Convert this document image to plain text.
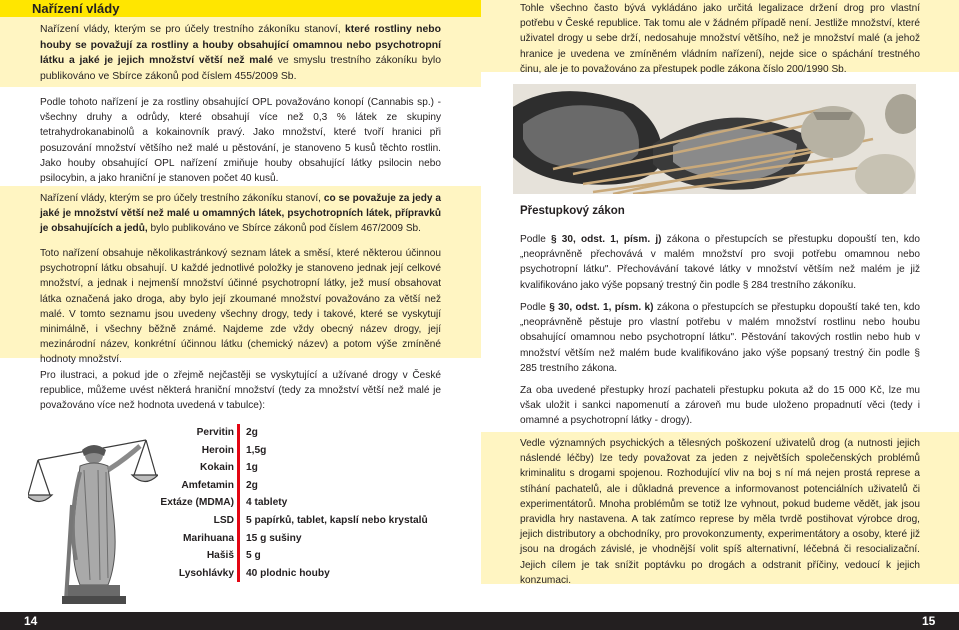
Nařízení vlády

Nařízení vlády, kterým se pro účely trestního zákoníku stanoví, které rostliny nebo houby se považují za rostliny a houby obsahující omamnou nebo psychotropní látku a jaké je jejich množství větší než malé ve smyslu trestního zákoníku bylo publikováno ve Sbírce zákonů pod číslem 455/2009 Sb.

Podle tohoto nařízení je za rostliny obsahující OPL považováno konopí (Cannabis sp.) - všechny druhy a odrůdy, které obsahují více než 0,3 % látek ze skupiny tetrahydrokanabinolů a kokainovník pravý. Jako množství, které tvoří hranici při posuzování množství většího než malé u pěstování, je stanoveno 5 kusů těchto rostlin. Jako houby obsahující OPL nařízení zmiňuje houby obsahující látky psilocin nebo psilocybin, a jako hraniční je stanoven počet 40 kusů.

Nařízení vlády, kterým se pro účely trestního zákoníku stanoví, co se považuje za jedy a jaké je množství větší než malé u omamných látek, psychotropních látek, přípravků je obsahujících a jedů, bylo publikováno ve Sbírce zákonů pod číslem 467/2009 Sb.

Toto nařízení obsahuje několikastránkový seznam látek a směsí, které některou účinnou psychotropní látku obsahují. U každé jednotlivé položky je stanoveno jednak její celkové množství, a jednak i nejmenší množství účinné psychotropní látky, jež musí obsahovat látka označená jako droga, aby bylo její zkoumané množství považováno za větší než malé. V tomto seznamu jsou uvedeny všechny drogy, tedy i takové, které se vyskytují minimálně, i všechny běžně známé. Najdeme zde vždy obecný název drogy, její mezinárodní název, konkrétní účinnou látku (chemický název) a potom výše zmíněné hodnoty množství.

Pro ilustraci, a pokud jde o zřejmě nejčastěji se vyskytující a užívané drogy v České republice, můžeme uvést některá hraniční množství (tedy za množství větší než malé je považováno více než hodnota uvedená v tabulce):

Pervitin
Heroin
Kokain
Amfetamin
Extáze (MDMA)
LSD
Marihuana
Hašiš
Lysohlávky
2g
1,5g
1g
2g
4 tablety
5 papírků, tablet, kapslí nebo krystalů
15 g sušiny
5 g
40 plodnic houby

Tohle všechno často bývá vykládáno jako určitá legalizace držení drog pro vlastní potřebu v České republice. Tak tomu ale v žádném případě není. Jestliže množství, které uživatel drogy u sebe drží, nedosahuje množství většího, než je množství malé (a jehož hranice je uvedena ve zmíněném vládním nařízení), nejde sice o spáchání trestného činu, ale je to považováno za přestupek podle zákona číslo 200/1990 Sb.

Přestupkový zákon

Podle § 30, odst. 1, písm. j) zákona o přestupcích se přestupku dopouští ten, kdo „neoprávněně přechovává v malém množství pro svoji potřebu omamnou nebo psychotropní látku". Přechovávání takové látky v množství větším než malém je již kvalifikováno jako výše popsaný trestný čin podle § 284 trestního zákoníku.

Podle § 30, odst. 1, písm. k) zákona o přestupcích se přestupku dopouští také ten, kdo „neoprávněně pěstuje pro vlastní potřebu v malém množství rostlinu nebo houbu obsahující omamnou nebo psychotropní látku". Pěstování takových rostlin nebo hub v množství větším než malém bude kvalifikováno jako výše popsaný trestný čin podle § 285 trestního zákona.

Za oba uvedené přestupky hrozí pachateli přestupku pokuta až do 15 000 Kč, lze mu však uložit i sankci napomenutí a zároveň mu bude uloženo propadnutí věci (tedy i omamné a psychotropní látky - drogy).

Vedle významných psychických a tělesných poškození uživatelů drog (a nutnosti jejich náslendé léčby) lze tedy považovat za jeden z největších společenských problémů kriminalitu s drogami spojenou. Rozhodující vliv na boj s ní má nejen prostá represe a stíhání pachatelů, ale i důkladná prevence a informovanost potenciálních uživatelů či experimentátorů. Mnoha problémům se totiž lze vyhnout, pokud budeme vědět, jak jsou pravidla hry nastavena. A tak zatímco represe by měla tvrdě postihovat výrobce drog, jejich distributory a obchodníky, pro provokonzumenty, experimentátory a osoby, které již jsou na drogách závislé, je vhodnější volit spíš alternativní, léčebná či resocializační. Jejich cílem je tak snížit poptávku po drogách a odstranit příčiny, vedoucí k jejich konzumaci.

14	15
